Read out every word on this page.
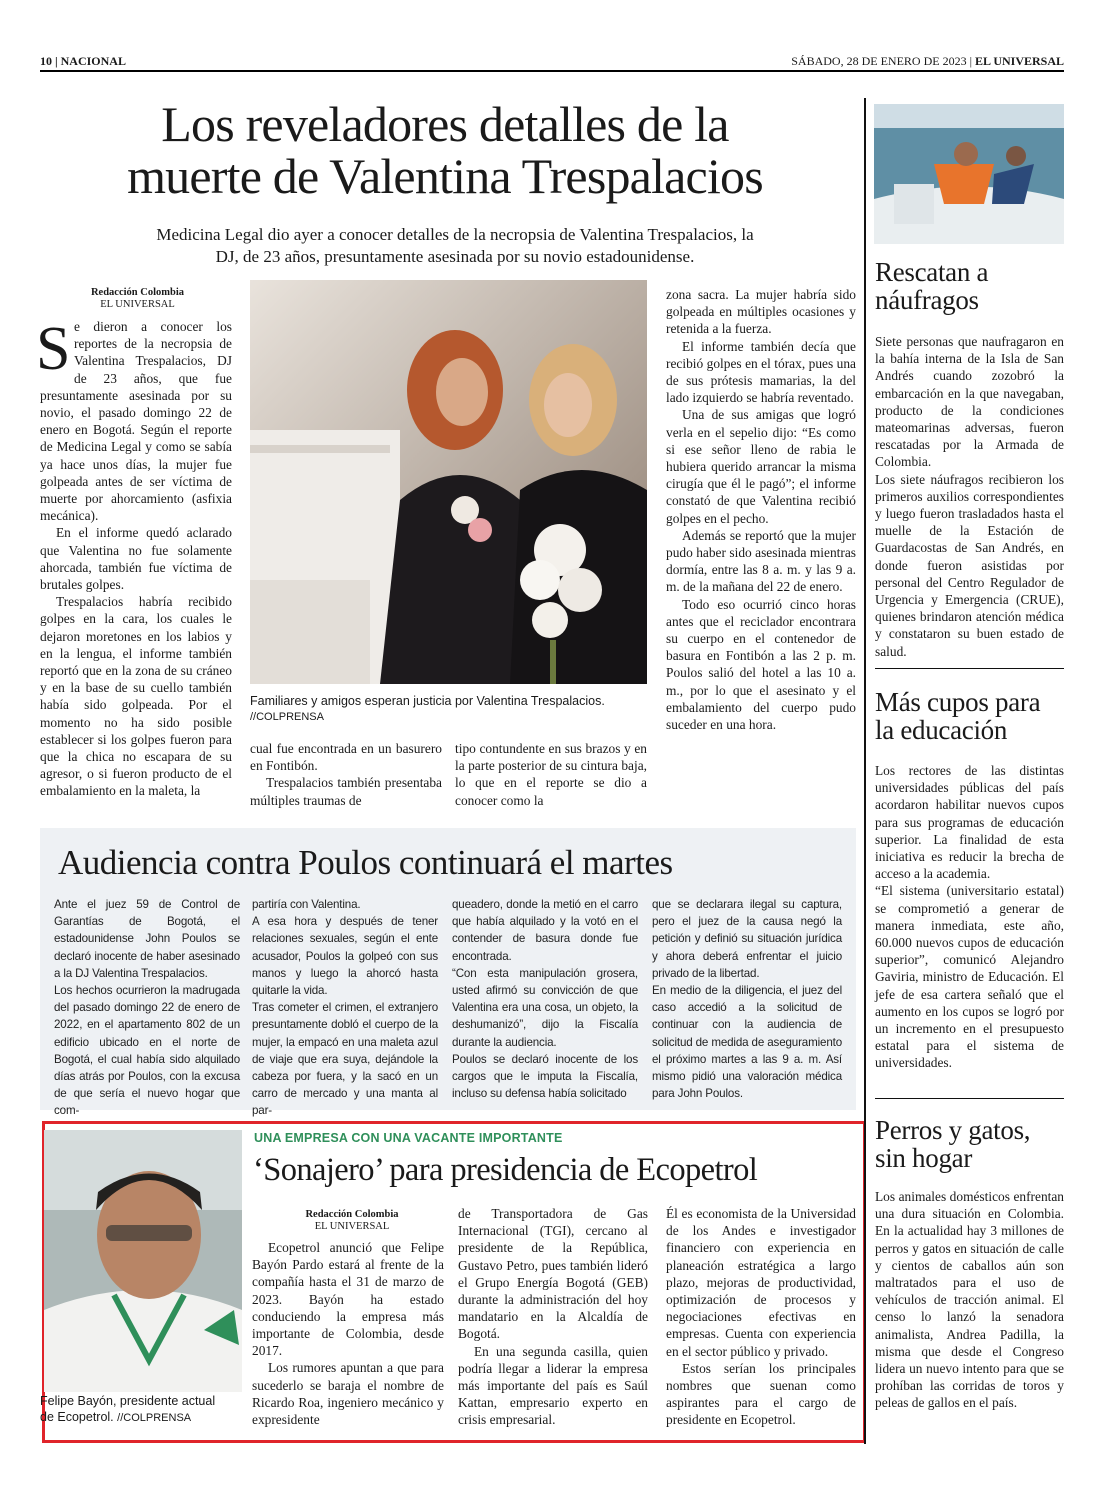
10 | NACIONAL	SÁBADO, 28 DE ENERO DE 2023 | EL UNIVERSAL
Los reveladores detalles de la
muerte de Valentina Trespalacios
Medicina Legal dio ayer a conocer detalles de la necropsia de Valentina Trespalacios, la
DJ, de 23 años, presuntamente asesinada por su novio estadounidense.
Redacción Colombia
EL UNIVERSAL
S e dieron a conocer los reportes de la necropsia de Valentina Trespalacios, DJ de 23 años, que fue presuntamente asesinada por su novio, el pasado domingo 22 de enero en Bogotá. Según el reporte de Medicina Legal y como se sabía ya hace unos días, la mujer fue golpeada antes de ser víctima de muerte por ahorcamiento (asfixia mecánica).

En el informe quedó aclarado que Valentina no fue solamente ahorcada, también fue víctima de brutales golpes.

Trespalacios habría recibido golpes en la cara, los cuales le dejaron moretones en los labios y en la lengua, el informe también reportó que en la zona de su cráneo y en la base de su cuello también había sido golpeada. Por el momento no ha sido posible establecer si los golpes fueron para que la chica no escapara de su agresor, o si fueron producto de el embalamiento en la maleta, la

Familiares y amigos esperan justicia por Valentina Trespalacios.
//COLPRENSA

cual fue encontrada en un basurero en Fontibón.

Trespalacios también presentaba múltiples traumas de

tipo contundente en sus brazos y en la parte posterior de su cintura baja, lo que en el reporte se dio a conocer como la

zona sacra. La mujer habría sido golpeada en múltiples ocasiones y retenida a la fuerza.

El informe también decía que recibió golpes en el tórax, pues una de sus prótesis mamarias, la del lado izquierdo se habría reventado.

Una de sus amigas que logró verla en el sepelio dijo: “Es como si ese señor lleno de rabia le hubiera querido arrancar la misma cirugía que él le pagó”; el informe constató de que Valentina recibió golpes en el pecho.

Además se reportó que la mujer pudo haber sido asesinada mientras dormía, entre las 8 a. m. y las 9 a. m. de la mañana del 22 de enero.

Todo eso ocurrió cinco horas antes que el reciclador encontrara su cuerpo en el contenedor de basura en Fontibón a las 2 p. m. Poulos salió del hotel a las 10 a. m., por lo que el asesinato y el embalamiento del cuerpo pudo suceder en una hora.

Audiencia contra Poulos continuará el martes

Ante el juez 59 de Control de Garantías de Bogotá, el estadounidense John Poulos se declaró inocente de haber asesinado a la DJ Valentina Trespalacios.

Los hechos ocurrieron la madrugada del pasado domingo 22 de enero de 2022, en el apartamento 802 de un edificio ubicado en el norte de Bogotá, el cual había sido alquilado días atrás por Poulos, con la excusa de que sería el nuevo hogar que com-

partiría con Valentina.

A esa hora y después de tener relaciones sexuales, según el ente acusador, Poulos la golpeó con sus manos y luego la ahorcó hasta quitarle la vida.

Tras cometer el crimen, el extranjero presuntamente dobló el cuerpo de la mujer, la empacó en una maleta azul de viaje que era suya, dejándole la cabeza por fuera, y la sacó en un carro de mercado y una manta al par-

queadero, donde la metió en el carro que había alquilado y la votó en el contender de basura donde fue encontrada.

“Con esta manipulación grosera, usted afirmó su convicción de que Valentina era una cosa, un objeto, la deshumanizó”, dijo la Fiscalía durante la audiencia.

Poulos se declaró inocente de los cargos que le imputa la Fiscalía, incluso su defensa había solicitado

que se declarara ilegal su captura, pero el juez de la causa negó la petición y definió su situación jurídica y ahora deberá enfrentar el juicio privado de la libertad.

En medio de la diligencia, el juez del caso accedió a la solicitud de continuar con la audiencia de solicitud de medida de aseguramiento el próximo martes a las 9 a. m. Así mismo pidió una valoración médica para John Poulos.

Felipe Bayón, presidente actual
de Ecopetrol. //COLPRENSA
UNA EMPRESA CON UNA VACANTE IMPORTANTE
‘Sonajero’ para presidencia de Ecopetrol
Redacción Colombia
EL UNIVERSAL

Ecopetrol anunció que Felipe Bayón Pardo estará al frente de la compañía hasta el 31 de marzo de 2023. Bayón ha estado conduciendo la empresa más importante de Colombia, desde 2017.

Los rumores apuntan a que para sucederlo se baraja el nombre de Ricardo Roa, ingeniero mecánico y expresidente

de Transportadora de Gas Internacional (TGI), cercano al presidente de la República, Gustavo Petro, pues también lideró el Grupo Energía Bogotá (GEB) durante la administración del hoy mandatario en la Alcaldía de Bogotá.

En una segunda casilla, quien podría llegar a liderar la empresa más importante del país es Saúl Kattan, empresario experto en crisis empresarial.

Él es economista de la Universidad de los Andes e investigador financiero con experiencia en planeación estratégica a largo plazo, mejoras de productividad, optimización de procesos y negociaciones efectivas en empresas. Cuenta con experiencia en el sector público y privado.

Estos serían los principales nombres que suenan como aspirantes para el cargo de presidente en Ecopetrol.

Rescatan a
náufragos

Siete personas que naufragaron en la bahía interna de la Isla de San Andrés cuando zozobró la embarcación en la que navegaban, producto de la condiciones mateomarinas adversas, fueron rescatadas por la Armada de Colombia.

Los siete náufragos recibieron los primeros auxilios correspondientes y luego fueron trasladados hasta el muelle de la Estación de Guardacostas de San Andrés, en donde fueron asistidas por personal del Centro Regulador de Urgencia y Emergencia (CRUE), quienes brindaron atención médica y constataron su buen estado de salud.

Más cupos para
la educación

Los rectores de las distintas universidades públicas del país acordaron habilitar nuevos cupos para sus programas de educación superior. La finalidad de esta iniciativa es reducir la brecha de acceso a la academia.

“El sistema (universitario estatal) se comprometió a generar de manera inmediata, este año, 60.000 nuevos cupos de educación superior”, comunicó Alejandro Gaviria, ministro de Educación. El jefe de esa cartera señaló que el aumento en los cupos se logró por un incremento en el presupuesto estatal para el sistema de universidades.

Perros y gatos,
sin hogar

Los animales domésticos enfrentan una dura situación en Colombia. En la actualidad hay 3 millones de perros y gatos en situación de calle y cientos de caballos aún son maltratados para el uso de vehículos de tracción animal. El censo lo lanzó la senadora animalista, Andrea Padilla, la misma que desde el Congreso lidera un nuevo intento para que se prohíban las corridas de toros y peleas de gallos en el país.
